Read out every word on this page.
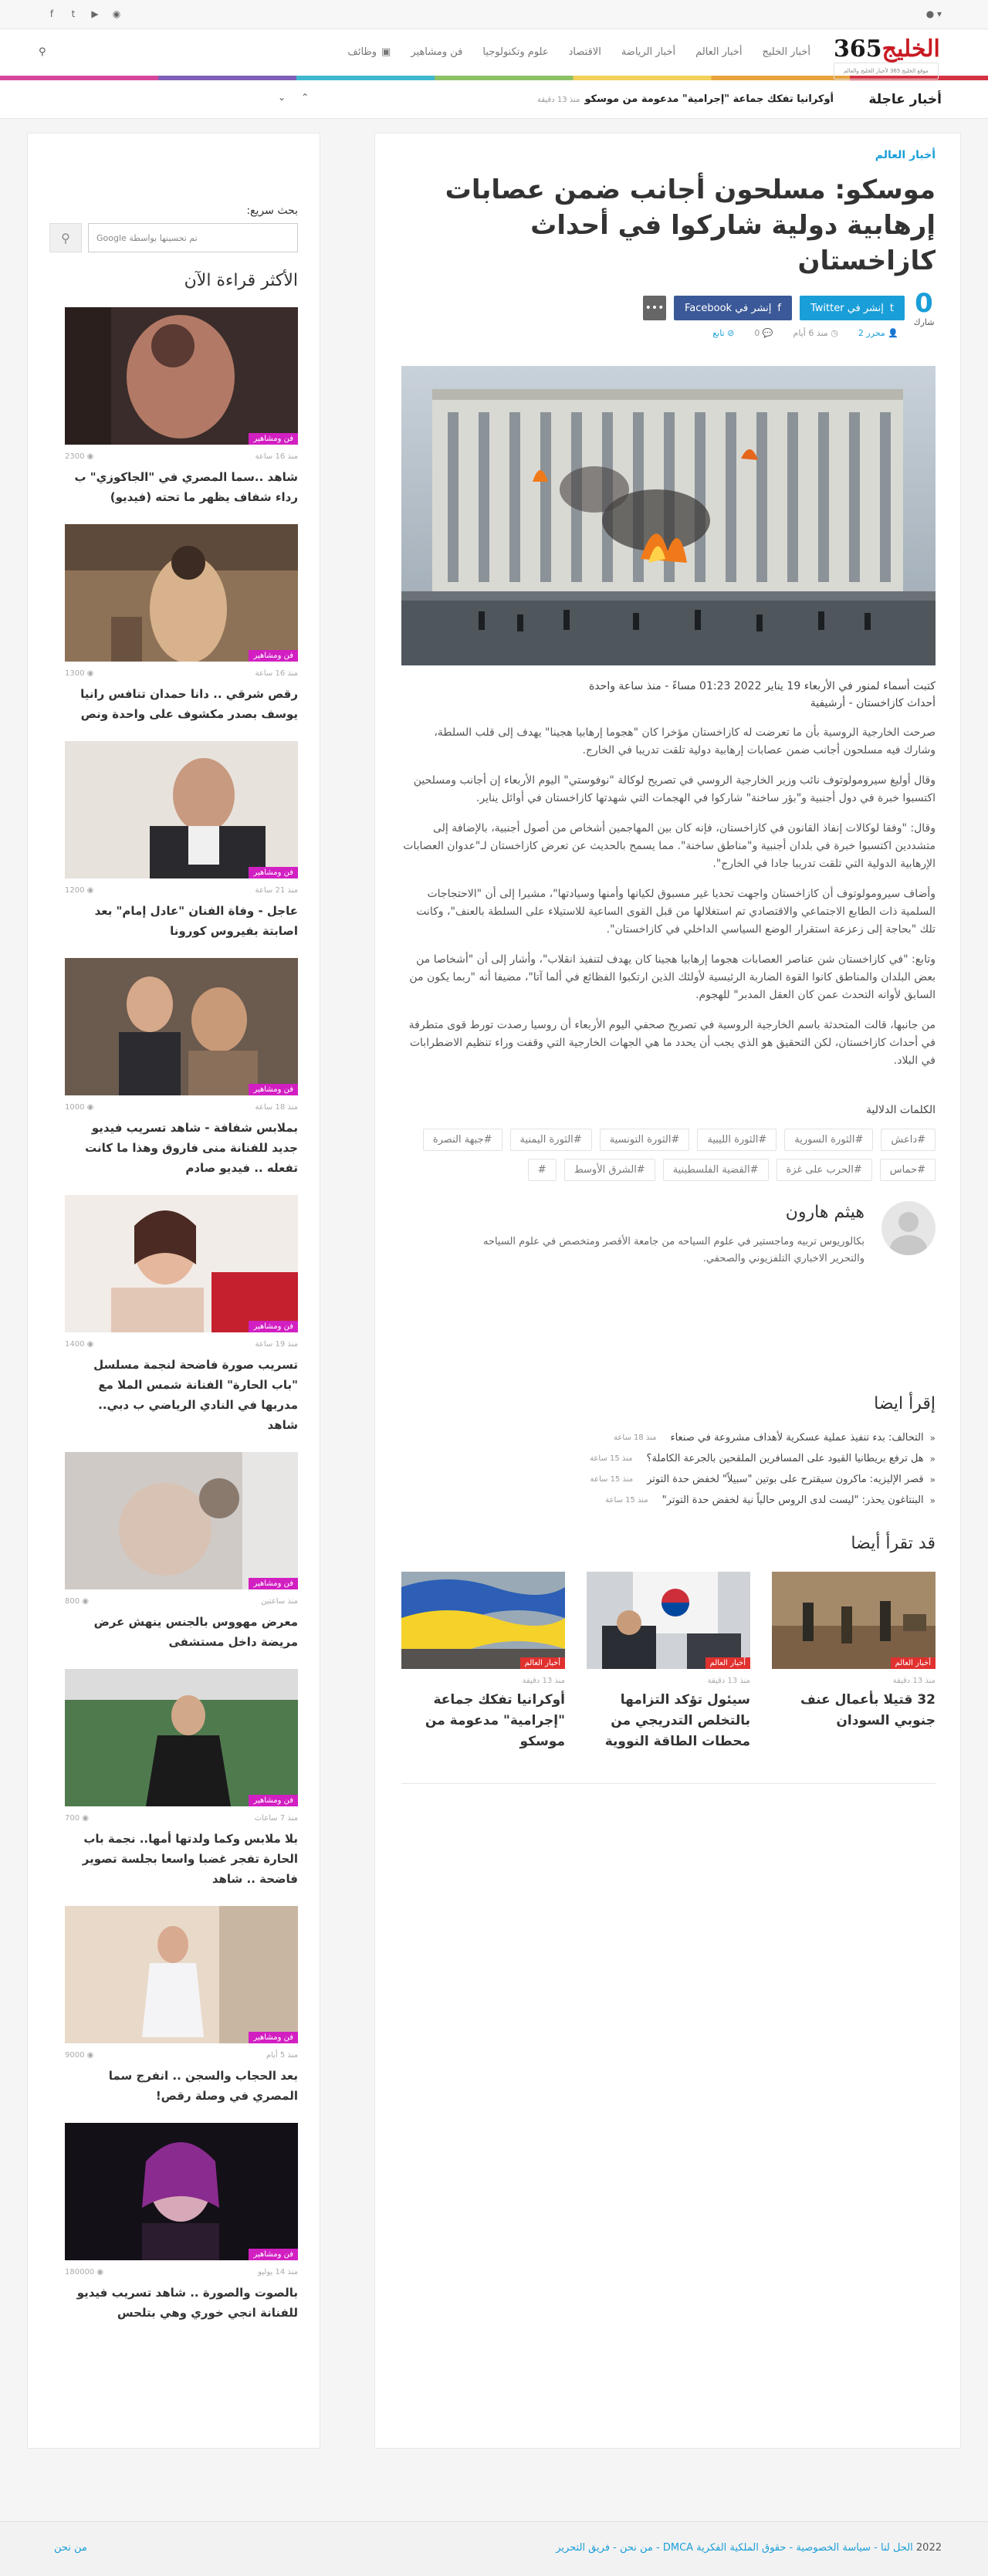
f	t	▶ ◉	▾ ●
الخليج365
موقع الخليج 365 لأخبار الخليج والعالم
أخبار الخليج
أخبار العالم
أخبار الرياضة
الاقتصاد
علوم وتكنولوجيا
فن ومشاهير
▣
وظائف
⚲
أخبار عاجلة
أوكرانيا تفكك جماعة "إجرامية" مدعومة من موسكومنذ 13 دقيقة
⌃
⌄
أخبار العالم
موسكو: مسلحون أجانب ضمن عصابات إرهابية دولية شاركوا في أحداث كازاخستان
0
شارك
t
إنشر في Twitter
f
إنشر في Facebook
•••
👤 محرر 2
◷ منذ 6 أيام
💬 0
⊘ تابع
كتبت أسماء لمنور في الأربعاء 19 يناير 2022 01:23 مساءً - منذ ساعة واحدة
أحداث كازاخستان - أرشيفية

صرحت الخارجية الروسية بأن ما تعرضت له كازاخستان مؤخرا كان "هجوما إرهابيا هجينا" يهدف إلى قلب السلطة، وشارك فيه مسلحون أجانب ضمن عصابات إرهابية دولية تلقت تدريبا في الخارج.

وقال أوليغ سيرومولوتوف نائب وزير الخارجية الروسي في تصريح لوكالة "نوفوستي" اليوم الأربعاء إن أجانب ومسلحين اكتسبوا خبرة في دول أجنبية و"بؤر ساخنة" شاركوا في الهجمات التي شهدتها كازاخستان في أوائل يناير.

وقال: "وفقا لوكالات إنفاذ القانون في كازاخستان، فإنه كان بين المهاجمين أشخاص من أصول أجنبية، بالإضافة إلى متشددين اكتسبوا خبرة في بلدان أجنبية و"مناطق ساخنة". مما يسمح بالحديث عن تعرض كازاخستان لـ"عدوان العصابات الإرهابية الدولية التي تلقت تدريبا جادا في الخارج".

وأضاف سيرومولوتوف أن كازاخستان واجهت تحديا غير مسبوق لكيانها وأمنها وسيادتها"، مشيرا إلى أن "الاحتجاجات السلمية ذات الطابع الاجتماعي والاقتصادي تم استغلالها من قبل القوى الساعية للاستيلاء على السلطة بالعنف"، وكانت تلك "بحاجة إلى زعزعة استقرار الوضع السياسي الداخلي في كازاخستان".

وتابع: "في كازاخستان شن عناصر العصابات هجوما إرهابيا هجينا كان يهدف لتنفيذ انقلاب"، وأشار إلى أن "أشخاصا من بعض البلدان والمناطق كانوا القوة الضاربة الرئيسية لأولئك الذين ارتكبوا الفظائع في ألما آتا"، مضيفا أنه "ربما يكون من السابق لأوانه التحدث عمن كان العقل المدبر" للهجوم.

من جانبها، قالت المتحدثة باسم الخارجية الروسية في تصريح صحفي اليوم الأربعاء أن روسيا رصدت تورط قوى متطرفة في أحداث كازاخستان، لكن التحقيق هو الذي يجب أن يحدد ما هي الجهات الخارجية التي وقفت وراء تنظيم الاضطرابات في البلاد.

الكلمات الدلالية
#داعش
#الثورة السورية
#الثورة الليبية
#الثورة التونسية
#الثورة اليمنية
#جبهة النصرة
#حماس
#الحرب على غزة
#القضية الفلسطينية
#الشرق الأوسط
#
هيثم هارون
بكالوريوس تربيه وماجستير في علوم السياحه من جامعة الأقصر ومتخصص في علوم السياحه والتحرير الاخباري التلفزيوني والصحفي.
إقرأ ايضا
«
التحالف: بدء تنفيذ عملية عسكرية لأهداف مشروعة في صنعاء
منذ 18 ساعة
«
هل ترفع بريطانيا القيود على المسافرين الملقحين بالجرعة الكاملة؟
منذ 15 ساعة
«
قصر الإليزيه: ماكرون سيقترح على بوتين "سبيلاً" لخفض حدة التوتر
منذ 15 ساعة
«
البنتاغون يحذر: "ليست لدى الروس حالياً نية لخفض حدة التوتر"
منذ 15 ساعة
قد تقرأ أيضا
أخبار العالم
منذ 13 دقيقة
32 قتيلا بأعمال عنف جنوبي السودان
أخبار العالم
منذ 13 دقيقة
سيئول تؤكد التزامها بالتخلص التدريجي من محطات الطاقة النووية
أخبار العالم
منذ 13 دقيقة
أوكرانيا تفكك جماعة "إجرامية" مدعومة من موسكو
بحث سريع:
⚲	تم تحسينها بواسطة Google
الأكثر قراءة الآن
فن ومشاهير
منذ 16 ساعة
◉ 2300
شاهد ..سما المصري في "الجاكوزي" ب رداء شفاف يظهر ما تحته (فيديو)
فن ومشاهير
منذ 16 ساعة
◉ 1300
رقص شرقي .. دانا حمدان تنافس رانيا يوسف بصدر مكشوف على واحدة ونص
فن ومشاهير
منذ 21 ساعة
◉ 1200
عاجل - وفاة الفنان "عادل إمام" بعد اصابتة بفيروس كورونا
فن ومشاهير
منذ 18 ساعة
◉ 1000
بملابس شفافة - شاهد تسريب فيديو جديد للفنانة منى فاروق وهذا ما كانت تفعله .. فيديو صادم
فن ومشاهير
منذ 19 ساعة
◉ 1400
تسريب صورة فاضحة لنجمة مسلسل "باب الحارة" الفنانة شمس الملا مع مدربها في النادي الرياضي ب دبي.. شاهد
فن ومشاهير
منذ ساعتين
◉ 800
معرض مهووس بالجنس ينهش عرض مريضة داخل مستشفى
فن ومشاهير
منذ 7 ساعات
◉ 700
بلا ملابس وكما ولدتها أمها.. نجمة باب الحارة تفجر غضبا واسعا بجلسة تصوير فاضحة .. شاهد
فن ومشاهير
منذ 5 أيام
◉ 9000
بعد الحجاب والسجن .. انفرج سما المصري في وصلة رقص!
فن ومشاهير
منذ 14 يوليو
◉ 180000
بالصوت والصورة .. شاهد تسريب فيديو للفنانة انجي خوري وهي بتلحس
2022 الحل لنا - سياسة الخصوصية - حقوق الملكية الفكرية DMCA - من نحن - فريق التحرير
من نحن
